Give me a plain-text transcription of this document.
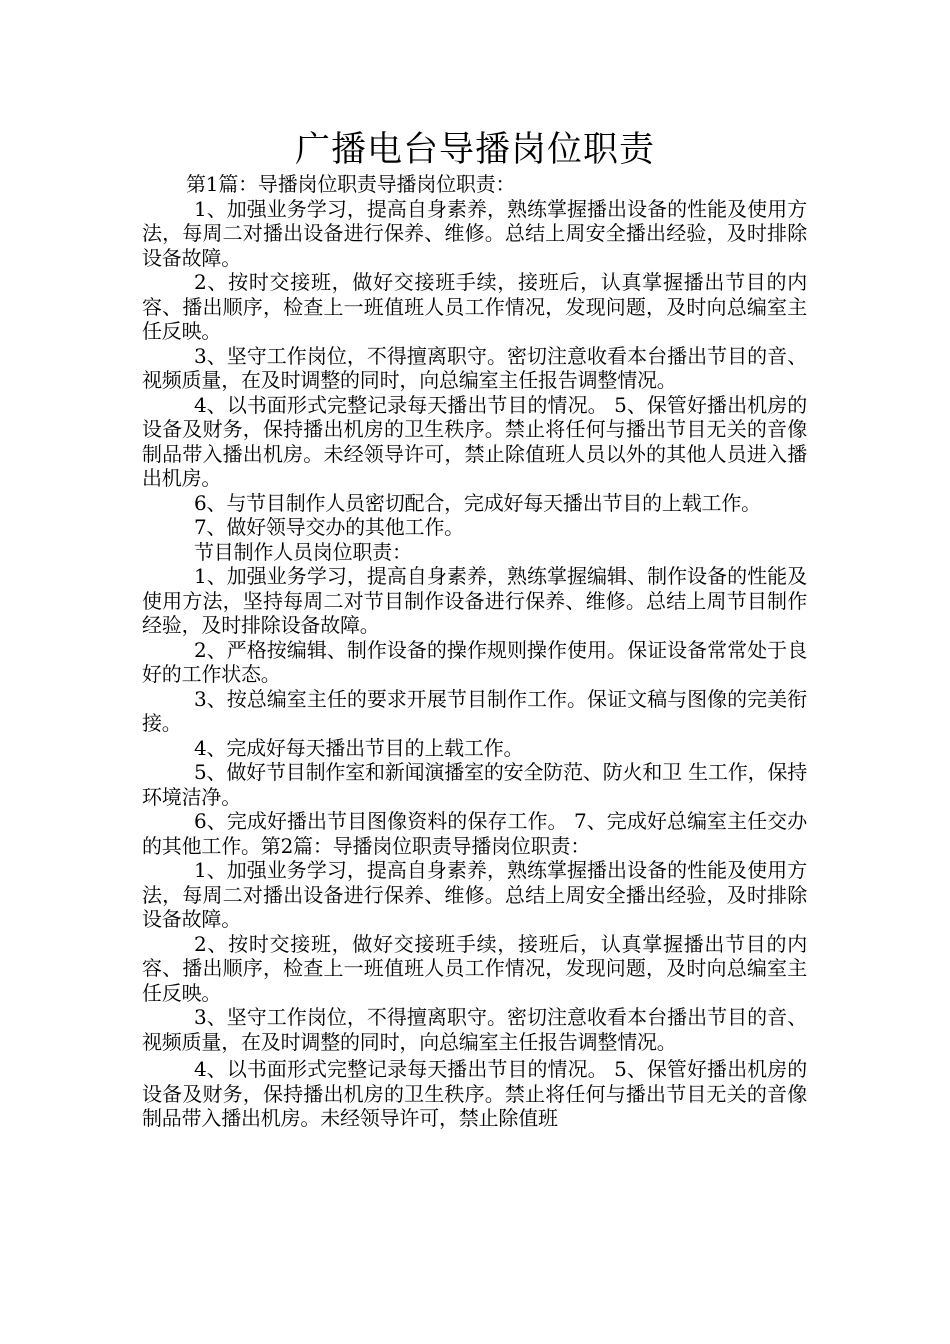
广播电台导播岗位职责

第1篇：导播岗位职责导播岗位职责：

1、加强业务学习，提高自身素养，熟练掌握播出设备的性能及使用方法，每周二对播出设备进行保养、维修。总结上周安全播出经验，及时排除设备故障。

2、按时交接班，做好交接班手续，接班后，认真掌握播出节目的内容、播出顺序，检查上一班值班人员工作情况，发现问题，及时向总编室主任反映。

3、坚守工作岗位，不得擅离职守。密切注意收看本台播出节目的音、视频质量，在及时调整的同时，向总编室主任报告调整情况。

4、以书面形式完整记录每天播出节目的情况。 5、保管好播出机房的设备及财务，保持播出机房的卫生秩序。禁止将任何与播出节目无关的音像制品带入播出机房。未经领导许可，禁止除值班人员以外的其他人员进入播出机房。

6、与节目制作人员密切配合，完成好每天播出节目的上载工作。

7、做好领导交办的其他工作。

节目制作人员岗位职责：

1、加强业务学习，提高自身素养，熟练掌握编辑、制作设备的性能及使用方法，坚持每周二对节目制作设备进行保养、维修。总结上周节目制作经验，及时排除设备故障。

2、严格按编辑、制作设备的操作规则操作使用。保证设备常常处于良好的工作状态。

3、按总编室主任的要求开展节目制作工作。保证文稿与图像的完美衔接。

4、完成好每天播出节目的上载工作。

5、做好节目制作室和新闻演播室的安全防范、防火和卫 生工作，保持环境洁净。

6、完成好播出节目图像资料的保存工作。 7、完成好总编室主任交办的其他工作。第2篇：导播岗位职责导播岗位职责：

1、加强业务学习，提高自身素养，熟练掌握播出设备的性能及使用方法，每周二对播出设备进行保养、维修。总结上周安全播出经验，及时排除设备故障。

2、按时交接班，做好交接班手续，接班后，认真掌握播出节目的内容、播出顺序，检查上一班值班人员工作情况，发现问题，及时向总编室主任反映。

3、坚守工作岗位，不得擅离职守。密切注意收看本台播出节目的音、视频质量，在及时调整的同时，向总编室主任报告调整情况。

4、以书面形式完整记录每天播出节目的情况。 5、保管好播出机房的设备及财务，保持播出机房的卫生秩序。禁止将任何与播出节目无关的音像制品带入播出机房。未经领导许可，禁止除值班
